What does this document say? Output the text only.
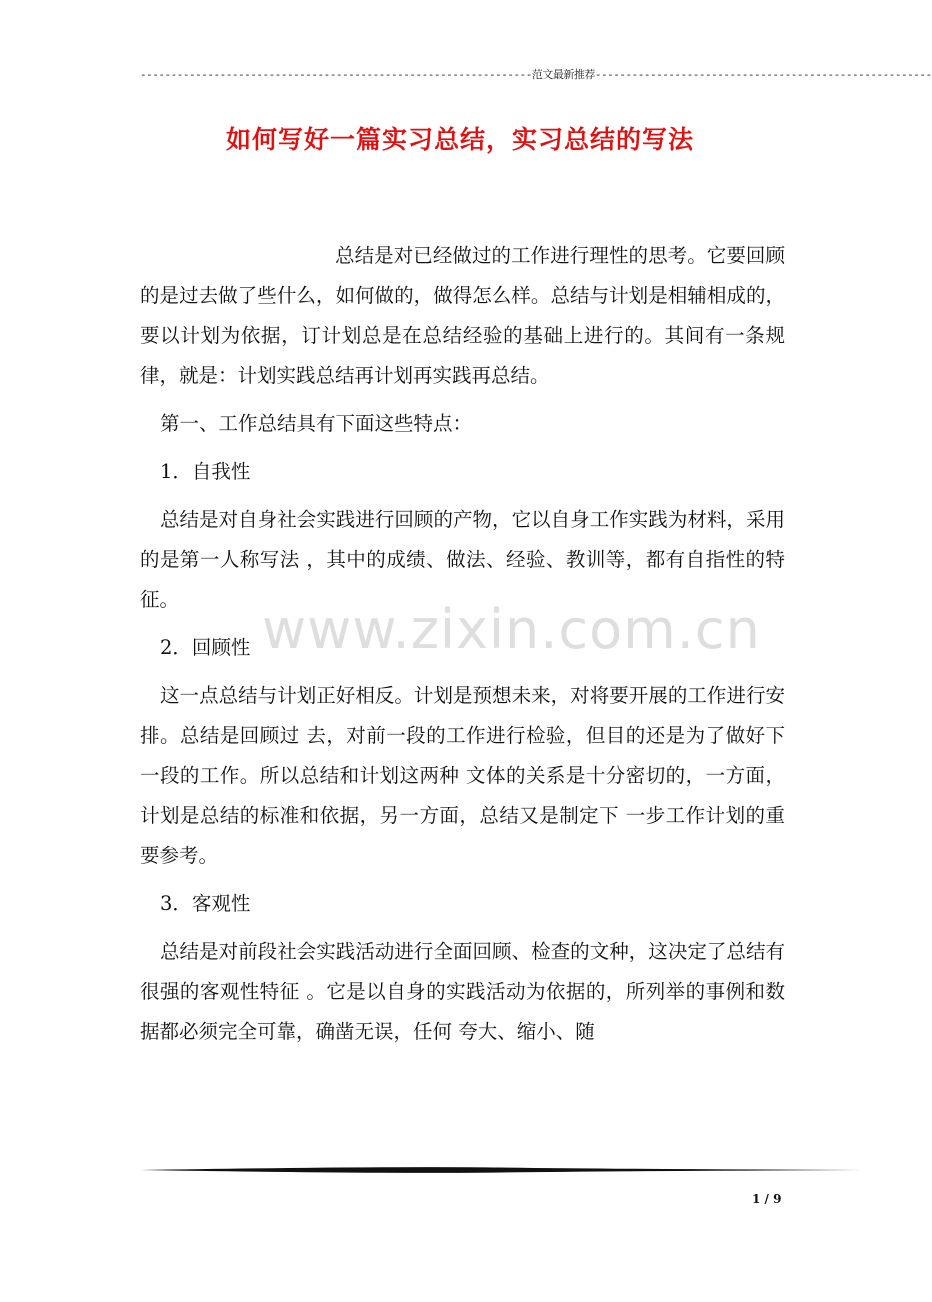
----------------------------------------------------------------范文最新推荐-------------------------------------------------------
如何写好一篇实习总结，实习总结的写法
www.zixin.com.cn

总结是对已经做过的工作进行理性的思考。它要回顾的是过去做了些什么，如何做的，做得怎么样。总结与计划是相辅相成的，要以计划为依据，订计划总是在总结经验的基础上进行的。其间有一条规律，就是：计划实践总结再计划再实践再总结。

第一、工作总结具有下面这些特点：

1．自我性

总结是对自身社会实践进行回顾的产物，它以自身工作实践为材料，采用的是第一人称写法 ，其中的成绩、做法、经验、教训等，都有自指性的特征。

2．回顾性

这一点总结与计划正好相反。计划是预想未来，对将要开展的工作进行安排。总结是回顾过 去，对前一段的工作进行检验，但目的还是为了做好下一段的工作。所以总结和计划这两种 文体的关系是十分密切的，一方面，计划是总结的标准和依据，另一方面，总结又是制定下 一步工作计划的重要参考。

3．客观性

总结是对前段社会实践活动进行全面回顾、检查的文种，这决定了总结有很强的客观性特征 。它是以自身的实践活动为依据的，所列举的事例和数据都必须完全可靠，确凿无误，任何 夸大、缩小、随

1 / 9
